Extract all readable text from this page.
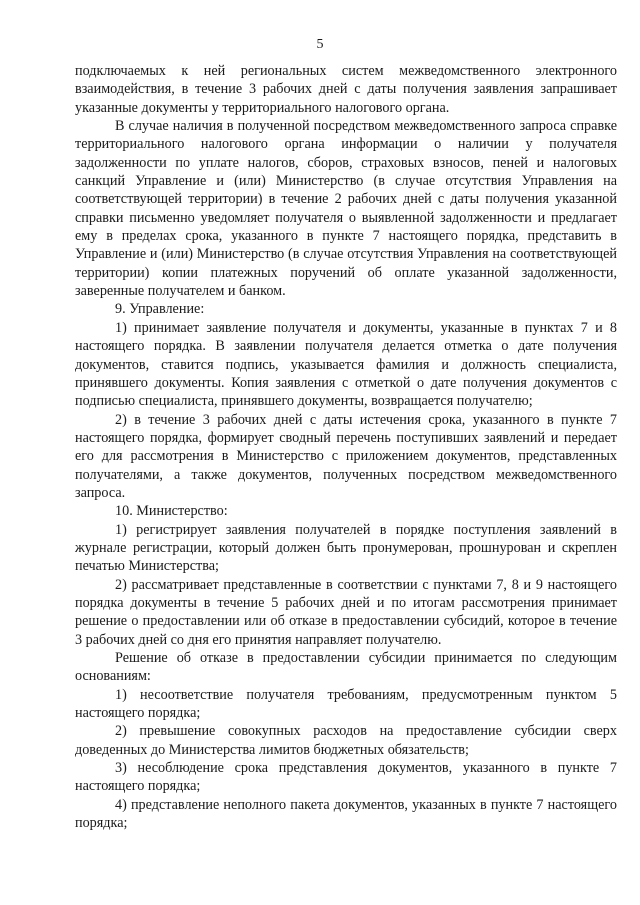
5

подключаемых к ней региональных систем межведомственного электронного взаимодействия, в течение 3 рабочих дней с даты получения заявления запрашивает указанные документы у территориального налогового органа.

В случае наличия в полученной посредством межведомственного запроса справке территориального налогового органа информации о наличии у получателя задолженности по уплате налогов, сборов, страховых взносов, пеней и налоговых санкций Управление и (или) Министерство (в случае отсутствия Управления на соответствующей территории) в течение 2 рабочих дней с даты получения указанной справки письменно уведомляет получателя о выявленной задолженности и предлагает ему в пределах срока, указанного в пункте 7 настоящего порядка, представить в Управление и (или) Министерство (в случае отсутствия Управления на соответствующей территории) копии платежных поручений об оплате указанной задолженности, заверенные получателем и банком.

9. Управление:

1) принимает заявление получателя и документы, указанные в пунктах 7 и 8 настоящего порядка. В заявлении получателя делается отметка о дате получения документов, ставится подпись, указывается фамилия и должность специалиста, принявшего документы. Копия заявления с отметкой о дате получения документов с подписью специалиста, принявшего документы, возвращается получателю;

2) в течение 3 рабочих дней с даты истечения срока, указанного в пункте 7 настоящего порядка, формирует сводный перечень поступивших заявлений и передает его для рассмотрения в Министерство с приложением документов, представленных получателями, а также документов, полученных посредством межведомственного запроса.

10. Министерство:

1) регистрирует заявления получателей в порядке поступления заявлений в журнале регистрации, который должен быть пронумерован, прошнурован и скреплен печатью Министерства;

2) рассматривает представленные в соответствии с пунктами 7, 8 и 9 настоящего порядка документы в течение 5 рабочих дней и по итогам рассмотрения принимает решение о предоставлении или об отказе в предоставлении субсидий, которое в течение 3 рабочих дней со дня его принятия направляет получателю.

Решение об отказе в предоставлении субсидии принимается по следующим основаниям:

1) несоответствие получателя требованиям, предусмотренным пунктом 5 настоящего порядка;

2) превышение совокупных расходов на предоставление субсидии сверх доведенных до Министерства лимитов бюджетных обязательств;

3) несоблюдение срока представления документов, указанного в пункте 7 настоящего порядка;

4) представление неполного пакета документов, указанных в пункте 7 настоящего порядка;
